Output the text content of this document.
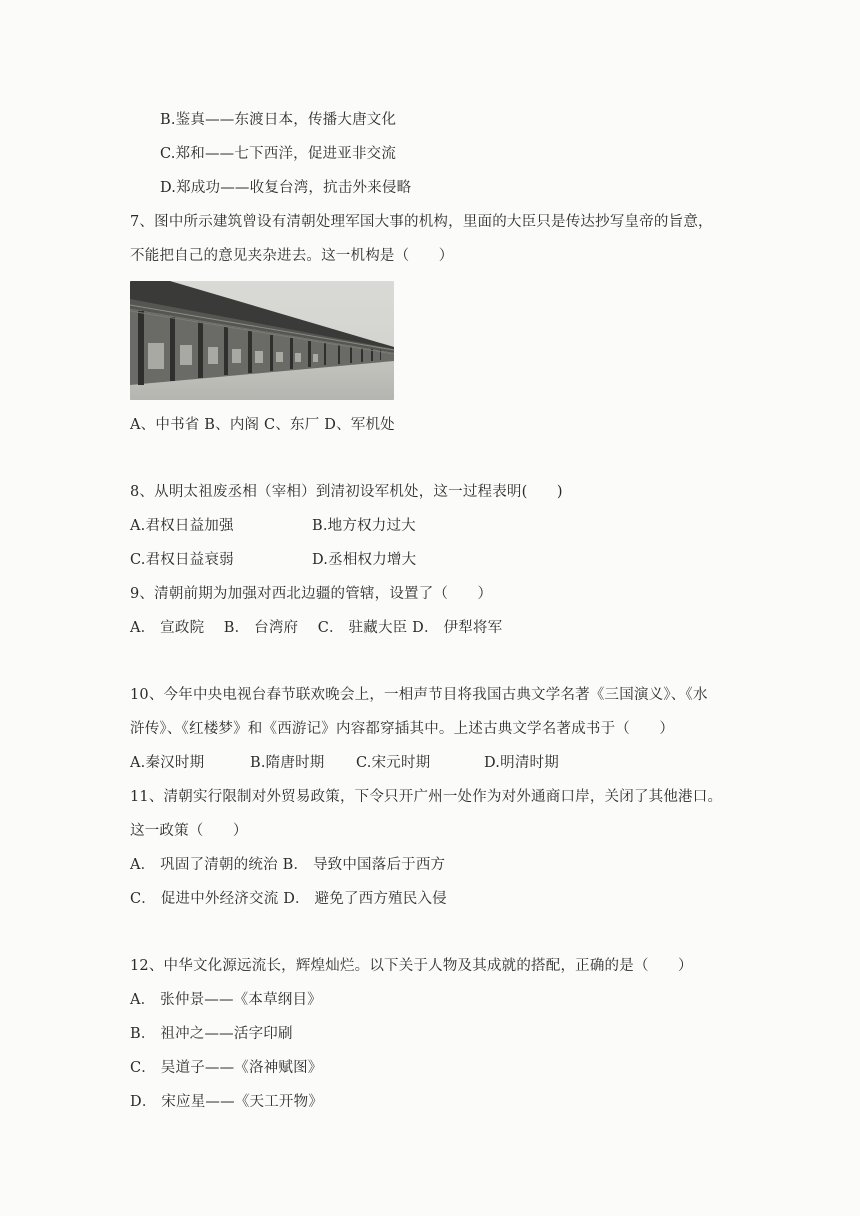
B.鉴真——东渡日本，传播大唐文化
C.郑和——七下西洋，促进亚非交流
D.郑成功——收复台湾，抗击外来侵略
7、图中所示建筑曾设有清朝处理军国大事的机构，里面的大臣只是传达抄写皇帝的旨意，
不能把自己的意见夹杂进去。这一机构是（　　）
A、中书省 B、内阁 C、东厂 D、军机处
8、从明太祖废丞相（宰相）到清初设军机处，这一过程表明(　　)
A.君权日益加强	B.地方权力过大
C.君权日益衰弱	D.丞相权力增大
9、清朝前期为加强对西北边疆的管辖，设置了（　　）
A． 宣政院　 B． 台湾府　 C． 驻藏大臣 D． 伊犁将军
10、今年中央电视台春节联欢晚会上，一相声节目将我国古典文学名著《三国演义》、《水
浒传》、《红楼梦》和《西游记》内容都穿插其中。上述古典文学名著成书于（　　）
A.秦汉时期	B.隋唐时期 C.宋元时期	D.明清时期
11、清朝实行限制对外贸易政策，下令只开广州一处作为对外通商口岸，关闭了其他港口。
这一政策（　　）
A． 巩固了清朝的统治 B． 导致中国落后于西方
C． 促进中外经济交流 D． 避免了西方殖民入侵
12、中华文化源远流长，辉煌灿烂。以下关于人物及其成就的搭配，正确的是（　　）
A． 张仲景——《本草纲目》
B． 祖冲之——活字印刷
C． 吴道子——《洛神赋图》
D． 宋应星——《天工开物》
